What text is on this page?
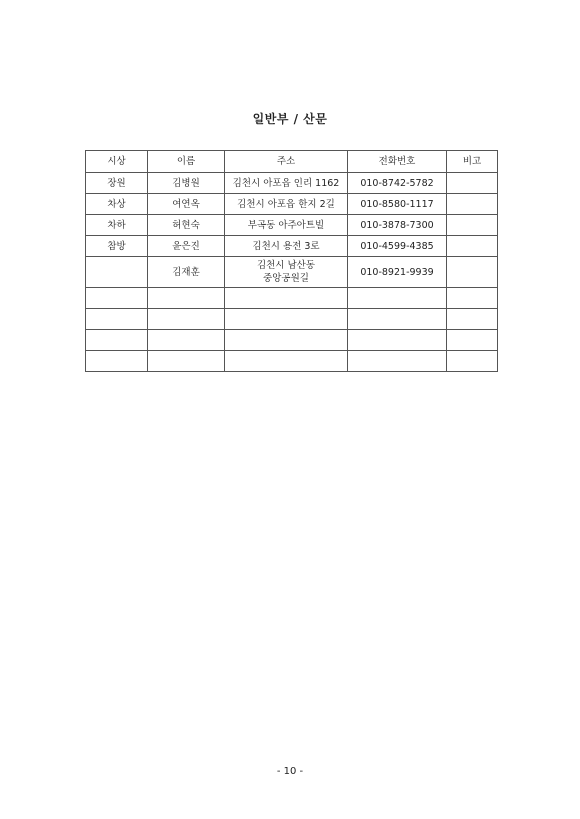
일반부 / 산문
시상	이름	주소	전화번호	비고
장원	김병원	김천시 아포읍 인리 1162	010-8742-5782	
차상	여연옥	김천시 아포읍 한지 2길	010-8580-1117	
차하	허현숙	부곡동 아주아트빌	010-3878-7300	
참방	윤은진	김천시 용전 3로	010-4599-4385	
	김재훈	김천시 남산동 중앙공원길	010-8921-9939	

- 10 -
